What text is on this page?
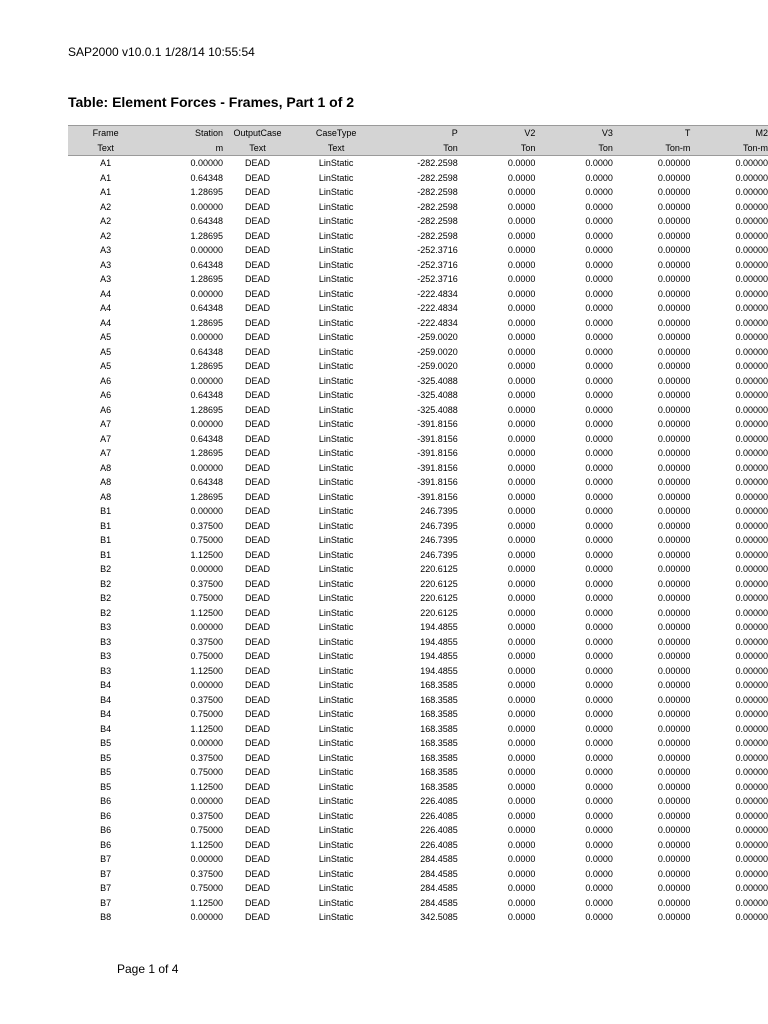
SAP2000 v10.0.1 1/28/14 10:55:54
Table: Element Forces - Frames, Part 1 of 2
Frame	Station	OutputCase	CaseType	P	V2	V3	T	M2
Text	m	Text	Text	Ton	Ton	Ton	Ton-m	Ton-m
A1	0.00000	DEAD	LinStatic	-282.2598	0.0000	0.0000	0.00000	0.00000
A1	0.64348	DEAD	LinStatic	-282.2598	0.0000	0.0000	0.00000	0.00000
A1	1.28695	DEAD	LinStatic	-282.2598	0.0000	0.0000	0.00000	0.00000
A2	0.00000	DEAD	LinStatic	-282.2598	0.0000	0.0000	0.00000	0.00000
A2	0.64348	DEAD	LinStatic	-282.2598	0.0000	0.0000	0.00000	0.00000
A2	1.28695	DEAD	LinStatic	-282.2598	0.0000	0.0000	0.00000	0.00000
A3	0.00000	DEAD	LinStatic	-252.3716	0.0000	0.0000	0.00000	0.00000
A3	0.64348	DEAD	LinStatic	-252.3716	0.0000	0.0000	0.00000	0.00000
A3	1.28695	DEAD	LinStatic	-252.3716	0.0000	0.0000	0.00000	0.00000
A4	0.00000	DEAD	LinStatic	-222.4834	0.0000	0.0000	0.00000	0.00000
A4	0.64348	DEAD	LinStatic	-222.4834	0.0000	0.0000	0.00000	0.00000
A4	1.28695	DEAD	LinStatic	-222.4834	0.0000	0.0000	0.00000	0.00000
A5	0.00000	DEAD	LinStatic	-259.0020	0.0000	0.0000	0.00000	0.00000
A5	0.64348	DEAD	LinStatic	-259.0020	0.0000	0.0000	0.00000	0.00000
A5	1.28695	DEAD	LinStatic	-259.0020	0.0000	0.0000	0.00000	0.00000
A6	0.00000	DEAD	LinStatic	-325.4088	0.0000	0.0000	0.00000	0.00000
A6	0.64348	DEAD	LinStatic	-325.4088	0.0000	0.0000	0.00000	0.00000
A6	1.28695	DEAD	LinStatic	-325.4088	0.0000	0.0000	0.00000	0.00000
A7	0.00000	DEAD	LinStatic	-391.8156	0.0000	0.0000	0.00000	0.00000
A7	0.64348	DEAD	LinStatic	-391.8156	0.0000	0.0000	0.00000	0.00000
A7	1.28695	DEAD	LinStatic	-391.8156	0.0000	0.0000	0.00000	0.00000
A8	0.00000	DEAD	LinStatic	-391.8156	0.0000	0.0000	0.00000	0.00000
A8	0.64348	DEAD	LinStatic	-391.8156	0.0000	0.0000	0.00000	0.00000
A8	1.28695	DEAD	LinStatic	-391.8156	0.0000	0.0000	0.00000	0.00000
B1	0.00000	DEAD	LinStatic	246.7395	0.0000	0.0000	0.00000	0.00000
B1	0.37500	DEAD	LinStatic	246.7395	0.0000	0.0000	0.00000	0.00000
B1	0.75000	DEAD	LinStatic	246.7395	0.0000	0.0000	0.00000	0.00000
B1	1.12500	DEAD	LinStatic	246.7395	0.0000	0.0000	0.00000	0.00000
B2	0.00000	DEAD	LinStatic	220.6125	0.0000	0.0000	0.00000	0.00000
B2	0.37500	DEAD	LinStatic	220.6125	0.0000	0.0000	0.00000	0.00000
B2	0.75000	DEAD	LinStatic	220.6125	0.0000	0.0000	0.00000	0.00000
B2	1.12500	DEAD	LinStatic	220.6125	0.0000	0.0000	0.00000	0.00000
B3	0.00000	DEAD	LinStatic	194.4855	0.0000	0.0000	0.00000	0.00000
B3	0.37500	DEAD	LinStatic	194.4855	0.0000	0.0000	0.00000	0.00000
B3	0.75000	DEAD	LinStatic	194.4855	0.0000	0.0000	0.00000	0.00000
B3	1.12500	DEAD	LinStatic	194.4855	0.0000	0.0000	0.00000	0.00000
B4	0.00000	DEAD	LinStatic	168.3585	0.0000	0.0000	0.00000	0.00000
B4	0.37500	DEAD	LinStatic	168.3585	0.0000	0.0000	0.00000	0.00000
B4	0.75000	DEAD	LinStatic	168.3585	0.0000	0.0000	0.00000	0.00000
B4	1.12500	DEAD	LinStatic	168.3585	0.0000	0.0000	0.00000	0.00000
B5	0.00000	DEAD	LinStatic	168.3585	0.0000	0.0000	0.00000	0.00000
B5	0.37500	DEAD	LinStatic	168.3585	0.0000	0.0000	0.00000	0.00000
B5	0.75000	DEAD	LinStatic	168.3585	0.0000	0.0000	0.00000	0.00000
B5	1.12500	DEAD	LinStatic	168.3585	0.0000	0.0000	0.00000	0.00000
B6	0.00000	DEAD	LinStatic	226.4085	0.0000	0.0000	0.00000	0.00000
B6	0.37500	DEAD	LinStatic	226.4085	0.0000	0.0000	0.00000	0.00000
B6	0.75000	DEAD	LinStatic	226.4085	0.0000	0.0000	0.00000	0.00000
B6	1.12500	DEAD	LinStatic	226.4085	0.0000	0.0000	0.00000	0.00000
B7	0.00000	DEAD	LinStatic	284.4585	0.0000	0.0000	0.00000	0.00000
B7	0.37500	DEAD	LinStatic	284.4585	0.0000	0.0000	0.00000	0.00000
B7	0.75000	DEAD	LinStatic	284.4585	0.0000	0.0000	0.00000	0.00000
B7	1.12500	DEAD	LinStatic	284.4585	0.0000	0.0000	0.00000	0.00000
B8	0.00000	DEAD	LinStatic	342.5085	0.0000	0.0000	0.00000	0.00000
Page 1 of 4
